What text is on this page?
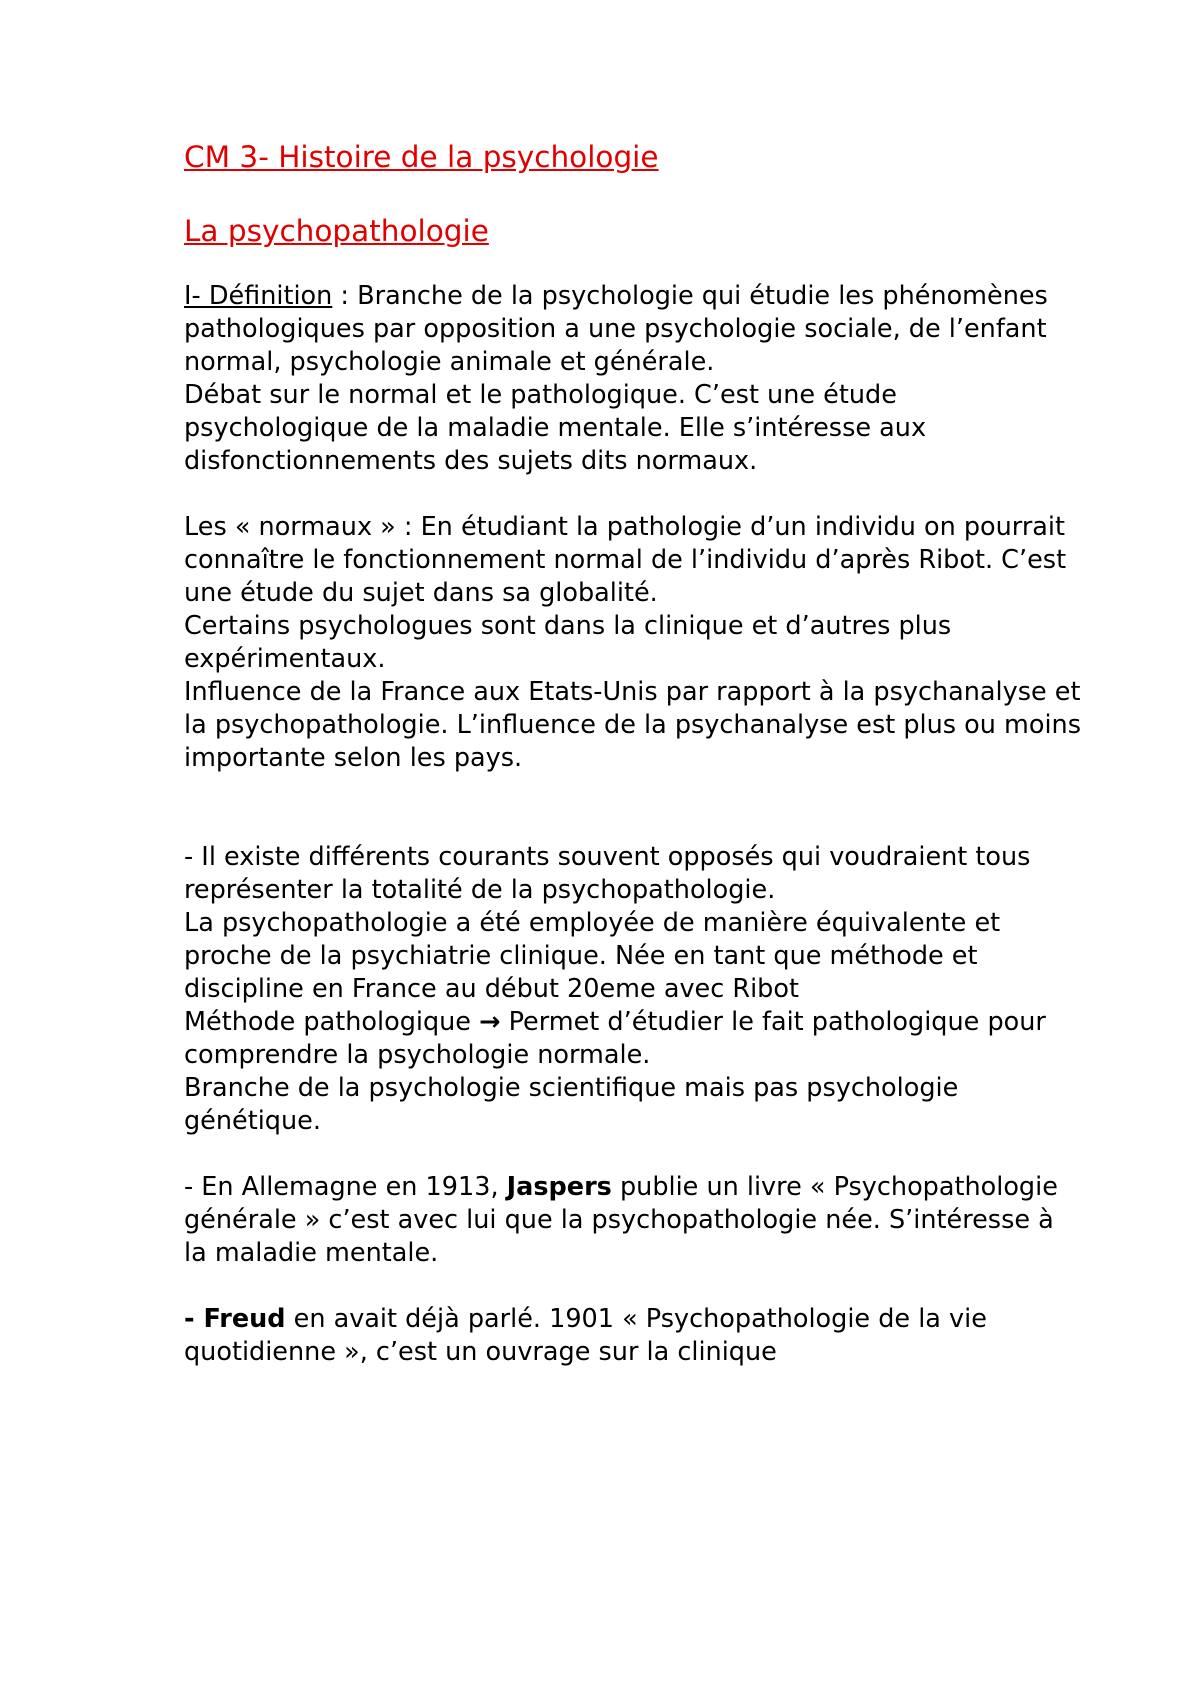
CM 3- Histoire de la psychologie
La psychopathologie

I- Définition : Branche de la psychologie qui étudie les phénomènes pathologiques par opposition a une psychologie sociale, de l’enfant normal, psychologie animale et générale.

Débat sur le normal et le pathologique. C’est une étude psychologique de la maladie mentale. Elle s’intéresse aux disfonctionnements des sujets dits normaux.

Les « normaux » : En étudiant la pathologie d’un individu on pourrait connaître le fonctionnement normal de l’individu d’après Ribot. C’est une étude du sujet dans sa globalité.

Certains psychologues sont dans la clinique et d’autres plus expérimentaux.

Influence de la France aux Etats-Unis par rapport à la psychanalyse et la psychopathologie. L’influence de la psychanalyse est plus ou moins importante selon les pays.

- Il existe différents courants souvent opposés qui voudraient tous représenter la totalité de la psychopathologie.

La psychopathologie a été employée de manière équivalente et proche de la psychiatrie clinique. Née en tant que méthode et discipline en France au début 20eme avec Ribot

Méthode pathologique → Permet d’étudier le fait pathologique pour comprendre la psychologie normale.

Branche de la psychologie scientifique mais pas psychologie génétique.

- En Allemagne en 1913, Jaspers publie un livre « Psychopathologie générale » c’est avec lui que la psychopathologie née. S’intéresse à la maladie mentale.

- Freud en avait déjà parlé. 1901 « Psychopathologie de la vie quotidienne », c’est un ouvrage sur la clinique
